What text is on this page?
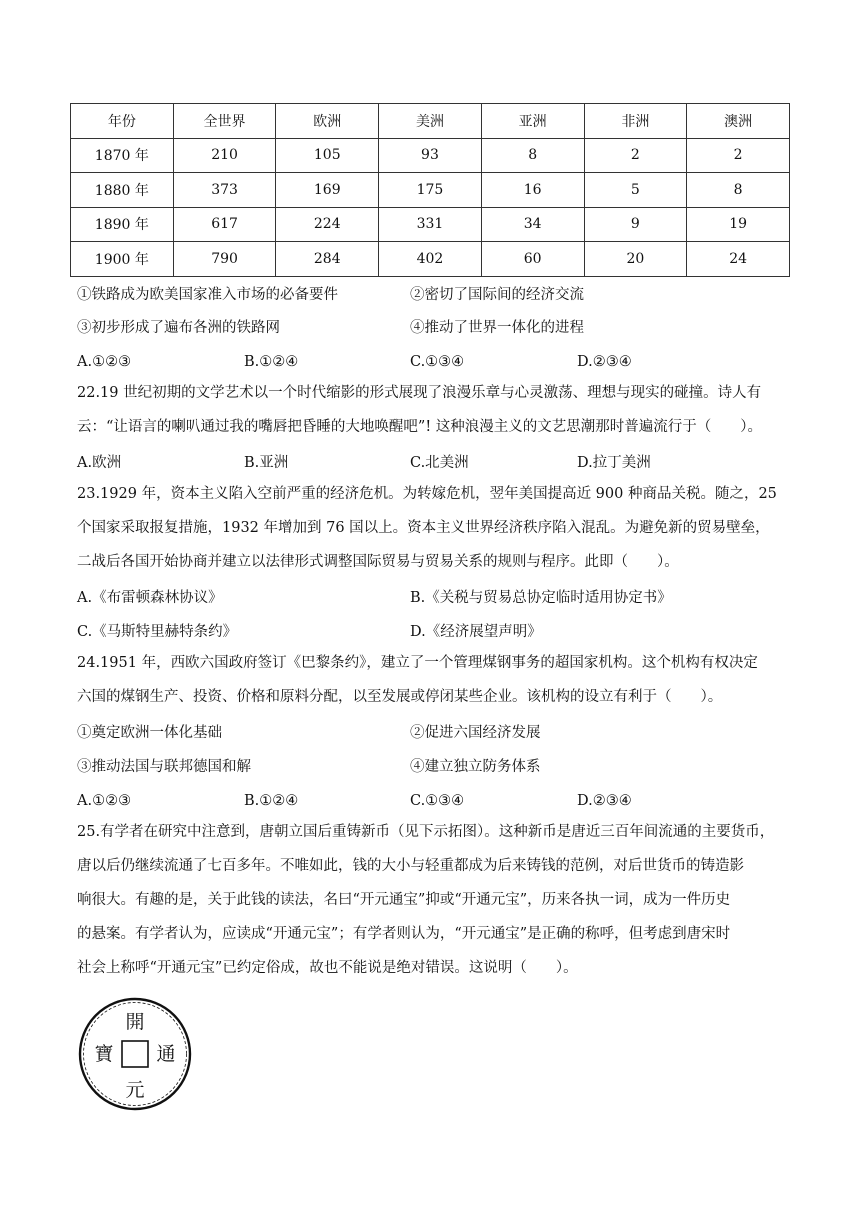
年份	全世界	欧洲	美洲	亚洲	非洲	澳洲
1870 年	210	105	93	8	2	2
1880 年	373	169	175	16	5	8
1890 年	617	224	331	34	9	19
1900 年	790	284	402	60	20	24
①铁路成为欧美国家准入市场的必备要件	②密切了国际间的经济交流
③初步形成了遍布各洲的铁路网	④推动了世界一体化的进程
A.①②③	B.①②④	C.①③④	D.②③④
22.19 世纪初期的文学艺术以一个时代缩影的形式展现了浪漫乐章与心灵激荡、理想与现实的碰撞。诗人有
云：“让语言的喇叭通过我的嘴唇把昏睡的大地唤醒吧”! 这种浪漫主义的文艺思潮那时普遍流行于（　　）。
A.欧洲	B.亚洲	C.北美洲	D.拉丁美洲
23.1929 年，资本主义陷入空前严重的经济危机。为转嫁危机，翌年美国提高近 900 种商品关税。随之，25
个国家采取报复措施，1932 年增加到 76 国以上。资本主义世界经济秩序陷入混乱。为避免新的贸易壁垒，
二战后各国开始协商并建立以法律形式调整国际贸易与贸易关系的规则与程序。此即（　　）。
A.《布雷顿森林协议》	B.《关税与贸易总协定临时适用协定书》
C.《马斯特里赫特条约》	D.《经济展望声明》
24.1951 年，西欧六国政府签订《巴黎条约》，建立了一个管理煤钢事务的超国家机构。这个机构有权决定
六国的煤钢生产、投资、价格和原料分配，以至发展或停闭某些企业。该机构的设立有利于（　　）。
①奠定欧洲一体化基础	②促进六国经济发展
③推动法国与联邦德国和解	④建立独立防务体系
A.①②③	B.①②④	C.①③④	D.②③④
25.有学者在研究中注意到，唐朝立国后重铸新币（见下示拓图）。这种新币是唐近三百年间流通的主要货币，
唐以后仍继续流通了七百多年。不唯如此，钱的大小与轻重都成为后来铸钱的范例，对后世货币的铸造影
响很大。有趣的是，关于此钱的读法，名曰“开元通宝”抑或“开通元宝”，历来各执一词，成为一件历史
的悬案。有学者认为，应读成“开通元宝”；有学者则认为，“开元通宝”是正确的称呼，但考虑到唐宋时
社会上称呼“开通元宝”已约定俗成，故也不能说是绝对错误。这说明（　　）。
開
通
元
寶
